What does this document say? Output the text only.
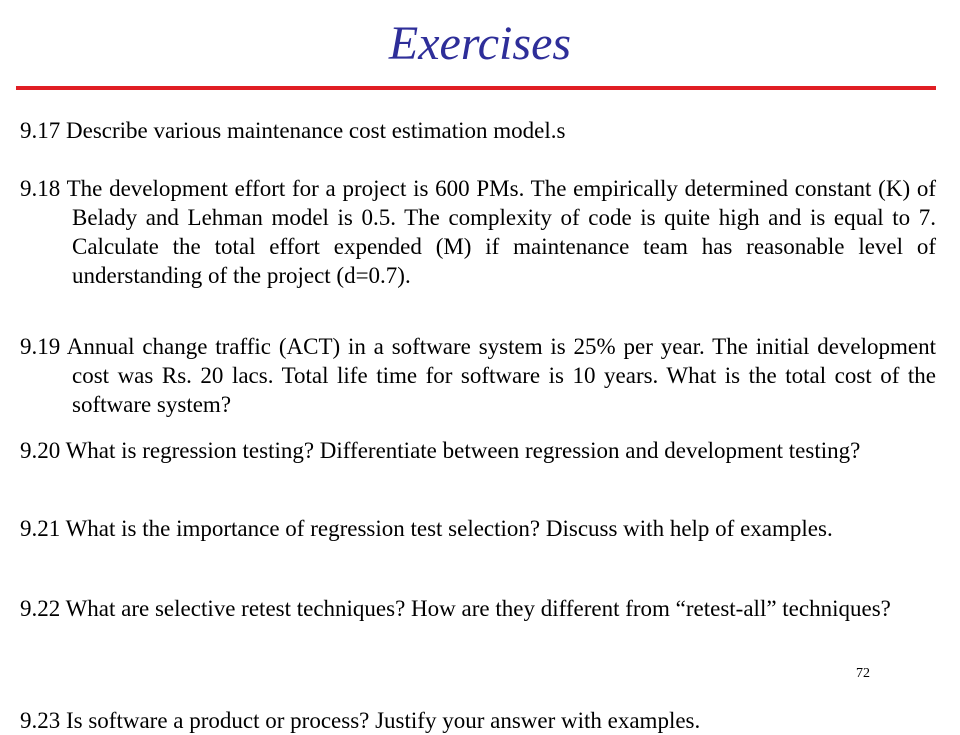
Exercises

9.17 Describe various maintenance cost estimation model.s

9.18 The development effort for a project is 600 PMs. The empirically determined constant (K) of Belady and Lehman model is 0.5. The complexity of code is quite high and is equal to 7. Calculate the total effort expended (M) if maintenance team has reasonable level of understanding of the project (d=0.7).

9.19 Annual change traffic (ACT) in a software system is 25% per year. The initial development cost was Rs. 20 lacs. Total life time for software is 10 years. What is the total cost of the software system?

9.20 What is regression testing? Differentiate between regression and development testing?

9.21 What is the importance of regression test selection? Discuss with help of examples.

9.22 What are selective retest techniques? How are they different from “retest-all” techniques?

72
9.23 Is software a product or process? Justify your answer with examples.
